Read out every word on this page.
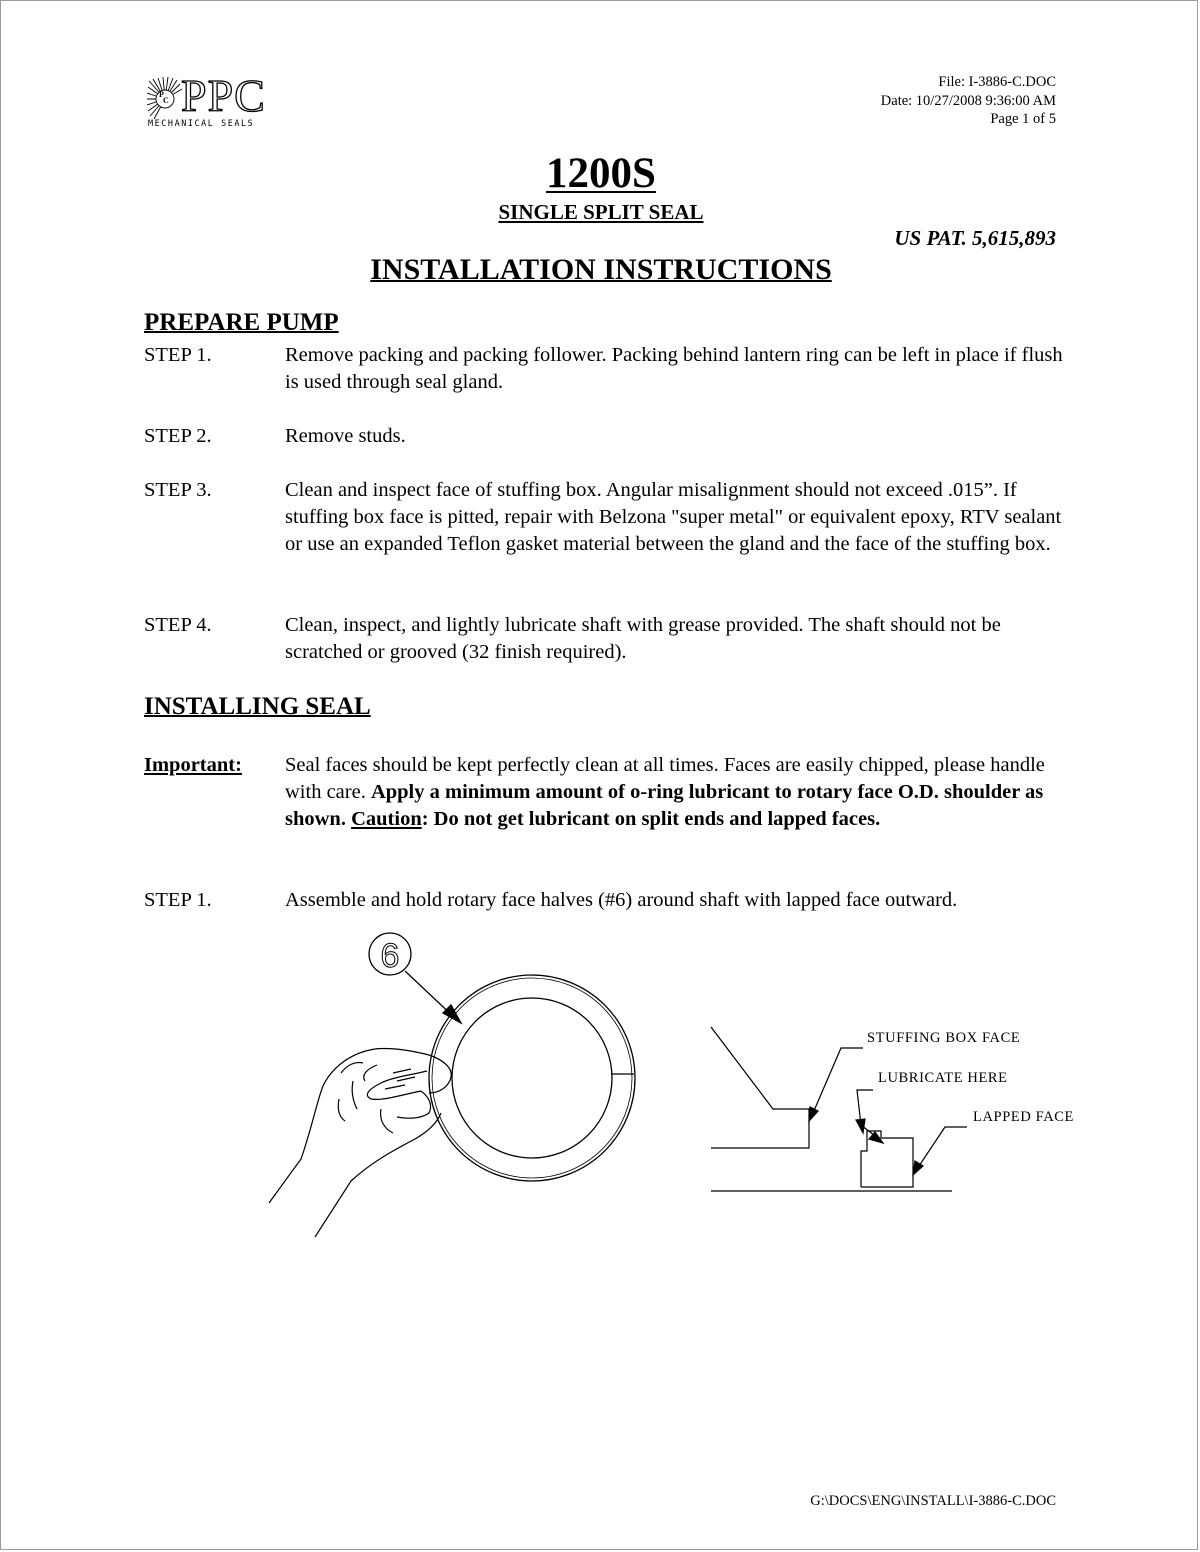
P
C PPC
MECHANICAL SEALS
File: I-3886-C.DOC
Date: 10/27/2008 9:36:00 AM
Page 1 of 5
1200S
SINGLE SPLIT SEAL
US PAT. 5,615,893
INSTALLATION INSTRUCTIONS
PREPARE PUMP
STEP 1.	Remove packing and packing follower. Packing behind lantern ring can be left in place if flush is used through seal gland.
STEP 2.	Remove studs.
STEP 3.	Clean and inspect face of stuffing box. Angular misalignment should not exceed .015”. If stuffing box face is pitted, repair with Belzona "super metal" or equivalent epoxy, RTV sealant or use an expanded Teflon gasket material between the gland and the face of the stuffing box.
STEP 4.	Clean, inspect, and lightly lubricate shaft with grease provided. The shaft should not be scratched or grooved (32 finish required).
INSTALLING SEAL
Important: Seal faces should be kept perfectly clean at all times. Faces are easily chipped, please handle with care. Apply a minimum amount of o-ring lubricant to rotary face O.D. shoulder as shown. Caution: Do not get lubricant on split ends and lapped faces.
STEP 1.	Assemble and hold rotary face halves (#6) around shaft with lapped face outward.
6
STUFFING BOX FACE
LUBRICATE HERE
LAPPED FACE
G:\DOCS\ENG\INSTALL\I-3886-C.DOC
